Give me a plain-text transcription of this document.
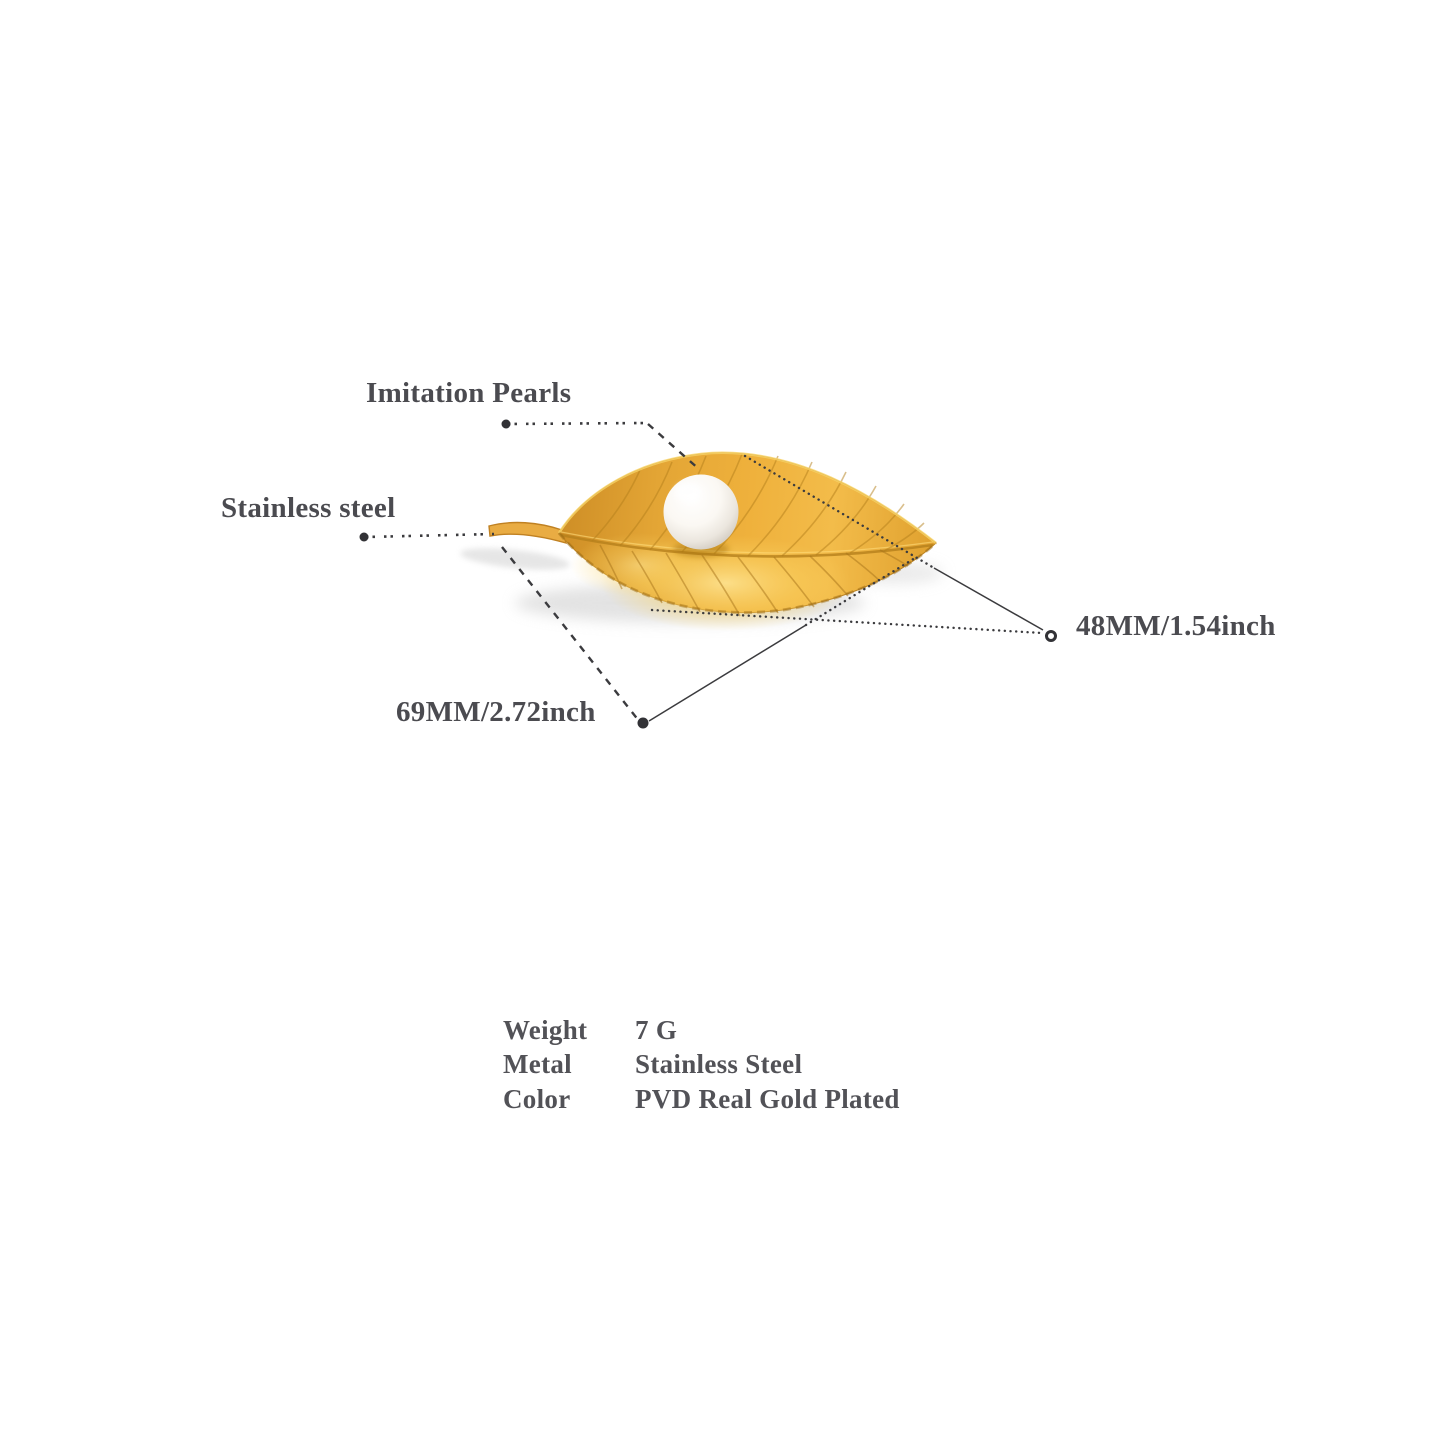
Imitation Pearls
Stainless steel
48MM/1.54inch
69MM/2.72inch
Weight	7 G
Metal	Stainless Steel
Color	PVD Real Gold Plated
